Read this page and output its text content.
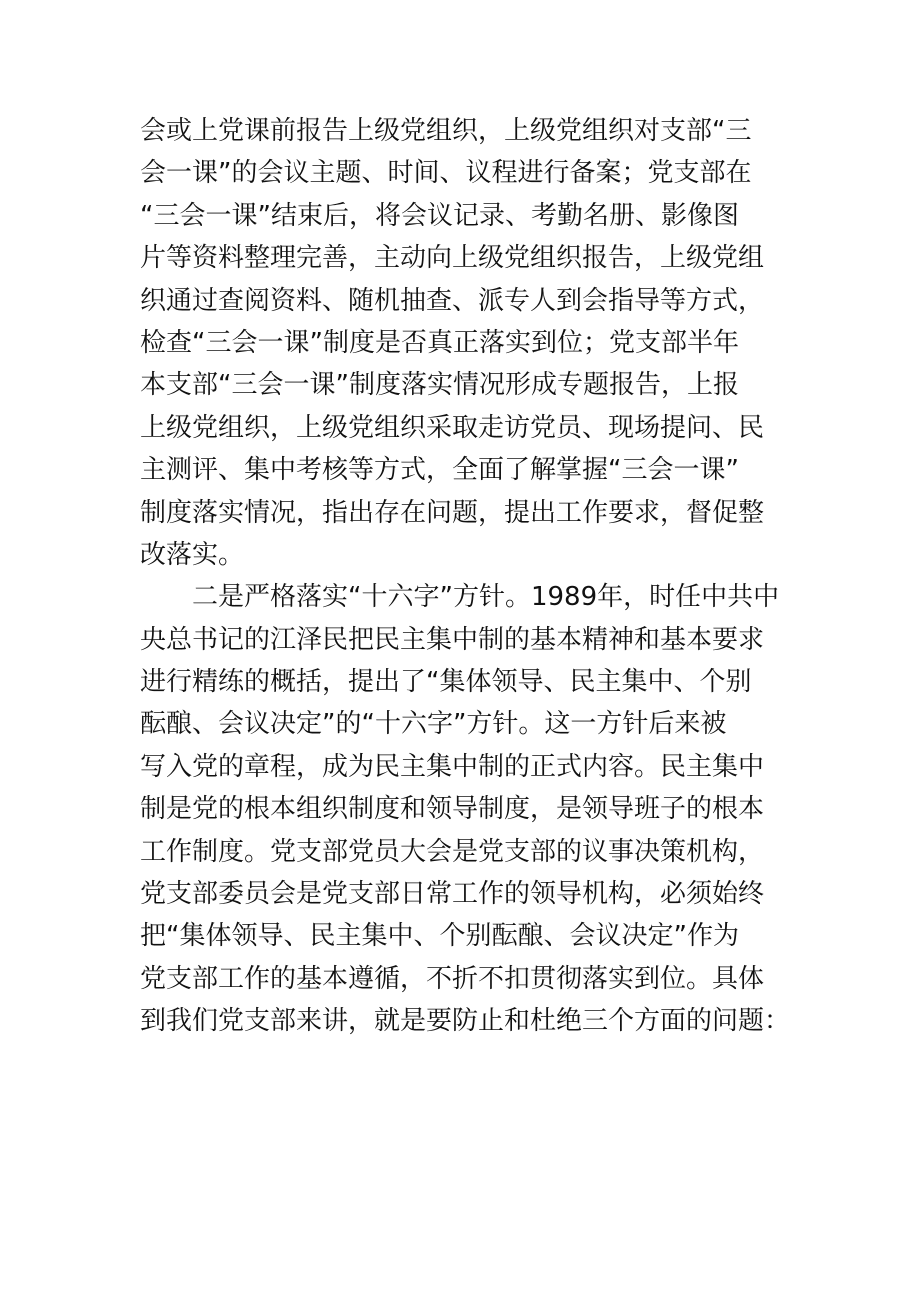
会或上党课前报告上级党组织，上级党组织对支部“三
会一课”的会议主题、时间、议程进行备案；党支部在
“三会一课”结束后，将会议记录、考勤名册、影像图
片等资料整理完善，主动向上级党组织报告，上级党组
织通过查阅资料、随机抽查、派专人到会指导等方式，
检查“三会一课”制度是否真正落实到位；党支部半年
本支部“三会一课”制度落实情况形成专题报告，上报
上级党组织，上级党组织采取走访党员、现场提问、民
主测评、集中考核等方式，全面了解掌握“三会一课”
制度落实情况，指出存在问题，提出工作要求，督促整
改落实。
　　二是严格落实“十六字”方针。1989年，时任中共中
央总书记的江泽民把民主集中制的基本精神和基本要求
进行精练的概括，提出了“集体领导、民主集中、个别
酝酿、会议决定”的“十六字”方针。这一方针后来被
写入党的章程，成为民主集中制的正式内容。民主集中
制是党的根本组织制度和领导制度，是领导班子的根本
工作制度。党支部党员大会是党支部的议事决策机构，
党支部委员会是党支部日常工作的领导机构，必须始终
把“集体领导、民主集中、个别酝酿、会议决定”作为
党支部工作的基本遵循，不折不扣贯彻落实到位。具体
到我们党支部来讲，就是要防止和杜绝三个方面的问题：
